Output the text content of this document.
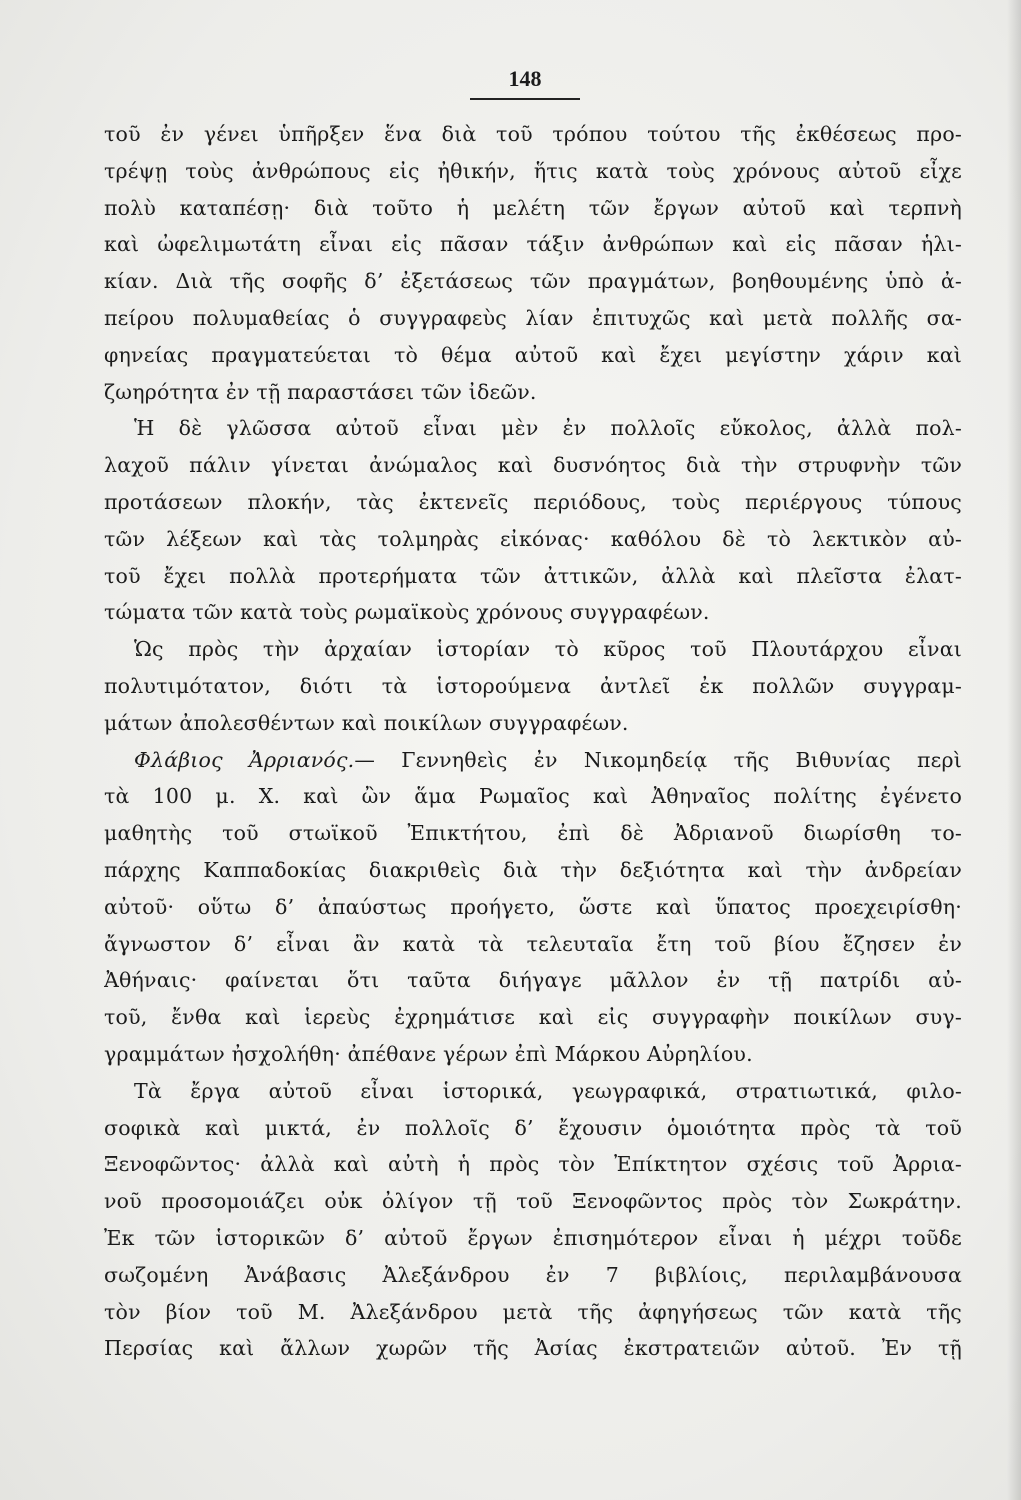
148
τοῦ ἐν γένει ὑπῆρξεν ἕνα διὰ τοῦ τρόπου τούτου τῆς ἐκθέσεως προ-
τρέψῃ τοὺς ἀνθρώπους εἰς ἠθικήν, ἥτις κατὰ τοὺς χρόνους αὐτοῦ εἶχε
πολὺ καταπέσῃ· διὰ τοῦτο ἡ μελέτη τῶν ἔργων αὐτοῦ καὶ τερπνὴ
καὶ ὠφελιμωτάτη εἶναι εἰς πᾶσαν τάξιν ἀνθρώπων καὶ εἰς πᾶσαν ἡλι-
κίαν. Διὰ τῆς σοφῆς δ’ ἐξετάσεως τῶν πραγμάτων, βοηθουμένης ὑπὸ ἀ-
πείρου πολυμαθείας ὁ συγγραφεὺς λίαν ἐπιτυχῶς καὶ μετὰ πολλῆς σα-
φηνείας πραγματεύεται τὸ θέμα αὐτοῦ καὶ ἔχει μεγίστην χάριν καὶ
ζωηρότητα ἐν τῇ παραστάσει τῶν ἰδεῶν.
Ἡ δὲ γλῶσσα αὐτοῦ εἶναι μὲν ἐν πολλοῖς εὔκολος, ἀλλὰ πολ-
λαχοῦ πάλιν γίνεται ἀνώμαλος καὶ δυσνόητος διὰ τὴν στρυφνὴν τῶν
προτάσεων πλοκήν, τὰς ἐκτενεῖς περιόδους, τοὺς περιέργους τύπους
τῶν λέξεων καὶ τὰς τολμηρὰς εἰκόνας· καθόλου δὲ τὸ λεκτικὸν αὐ-
τοῦ ἔχει πολλὰ προτερήματα τῶν ἀττικῶν, ἀλλὰ καὶ πλεῖστα ἐλατ-
τώματα τῶν κατὰ τοὺς ρωμαϊκοὺς χρόνους συγγραφέων.
Ὡς πρὸς τὴν ἀρχαίαν ἱστορίαν τὸ κῦρος τοῦ Πλουτάρχου εἶναι
πολυτιμότατον, διότι τὰ ἱστορούμενα ἀντλεῖ ἐκ πολλῶν συγγραμ-
μάτων ἀπολεσθέντων καὶ ποικίλων συγγραφέων.
Φλάβιος Ἀρριανός.— Γεννηθεὶς ἐν Νικομηδείᾳ τῆς Βιθυνίας περὶ
τὰ 100 μ. Χ. καὶ ὢν ἅμα Ρωμαῖος καὶ Ἀθηναῖος πολίτης ἐγένετο
μαθητὴς τοῦ στωϊκοῦ Ἐπικτήτου, ἐπὶ δὲ Ἀδριανοῦ διωρίσθη το-
πάρχης Καππαδοκίας διακριθεὶς διὰ τὴν δεξιότητα καὶ τὴν ἀνδρείαν
αὐτοῦ· οὕτω δ’ ἀπαύστως προήγετο, ὥστε καὶ ὕπατος προεχειρίσθη·
ἄγνωστον δ’ εἶναι ἂν κατὰ τὰ τελευταῖα ἔτη τοῦ βίου ἔζησεν ἐν
Ἀθήναις· φαίνεται ὅτι ταῦτα διήγαγε μᾶλλον ἐν τῇ πατρίδι αὐ-
τοῦ, ἔνθα καὶ ἱερεὺς ἐχρημάτισε καὶ εἰς συγγραφὴν ποικίλων συγ-
γραμμάτων ἠσχολήθη· ἀπέθανε γέρων ἐπὶ Μάρκου Αὐρηλίου.
Τὰ ἔργα αὐτοῦ εἶναι ἱστορικά, γεωγραφικά, στρατιωτικά, φιλο-
σοφικὰ καὶ μικτά, ἐν πολλοῖς δ’ ἔχουσιν ὁμοιότητα πρὸς τὰ τοῦ
Ξενοφῶντος· ἀλλὰ καὶ αὐτὴ ἡ πρὸς τὸν Ἐπίκτητον σχέσις τοῦ Ἀρρια-
νοῦ προσομοιάζει οὐκ ὀλίγον τῇ τοῦ Ξενοφῶντος πρὸς τὸν Σωκράτην.
Ἐκ τῶν ἱστορικῶν δ’ αὐτοῦ ἔργων ἐπισημότερον εἶναι ἡ μέχρι τοῦδε
σωζομένη Ἀνάβασις Ἀλεξάνδρου ἐν 7 βιβλίοις, περιλαμβάνουσα
τὸν βίον τοῦ Μ. Ἀλεξάνδρου μετὰ τῆς ἀφηγήσεως τῶν κατὰ τῆς
Περσίας καὶ ἄλλων χωρῶν τῆς Ἀσίας ἐκστρατειῶν αὐτοῦ. Ἐν τῇ
